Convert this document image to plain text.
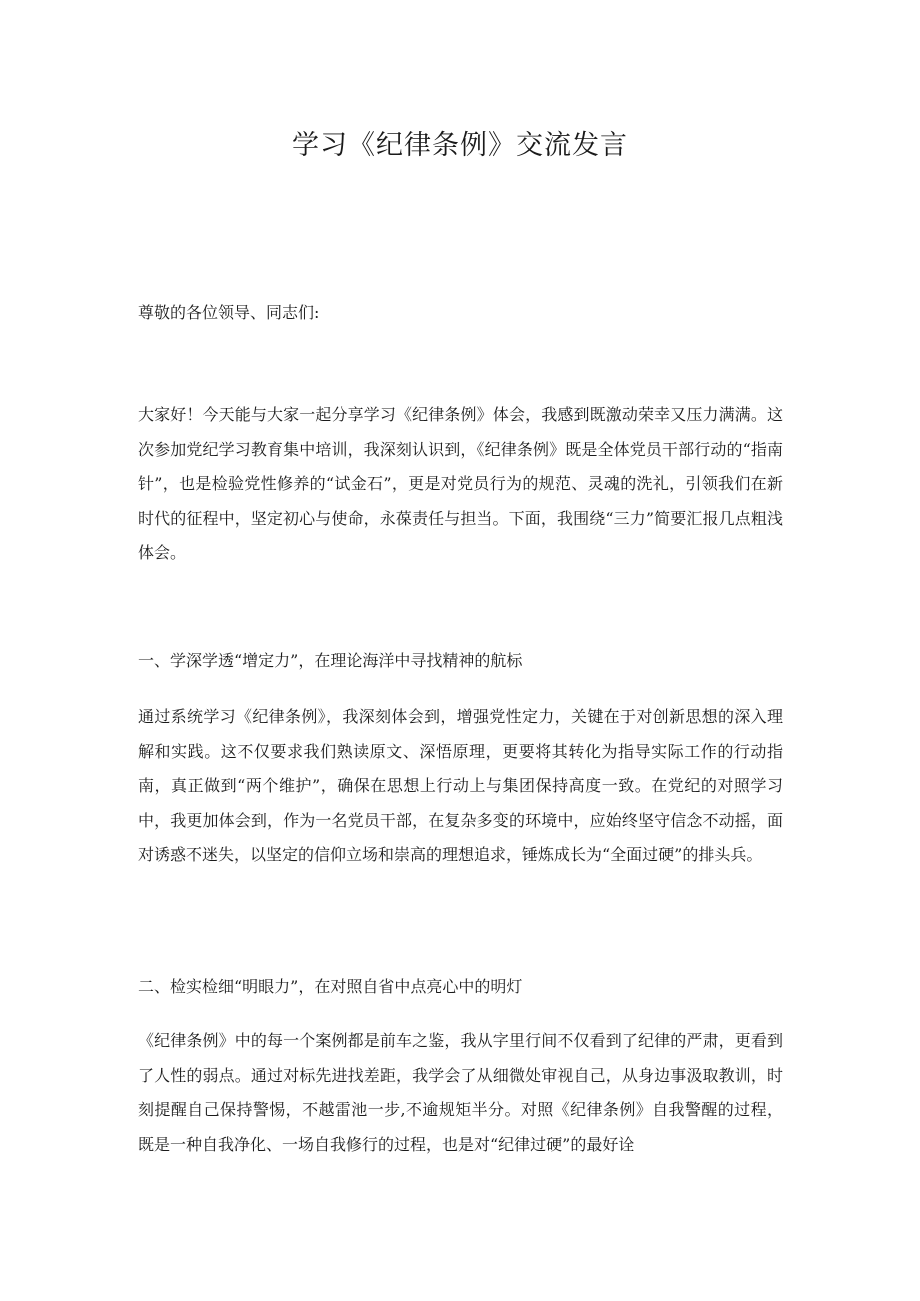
学习《纪律条例》交流发言

尊敬的各位领导、同志们:

大家好！今天能与大家一起分享学习《纪律条例》体会，我感到既激动荣幸又压力满满。这次参加党纪学习教育集中培训，我深刻认识到，《纪律条例》既是全体党员干部行动的“指南针”，也是检验党性修养的“试金石”，更是对党员行为的规范、灵魂的洗礼，引领我们在新时代的征程中，坚定初心与使命，永葆责任与担当。下面，我围绕“三力”简要汇报几点粗浅体会。

一、学深学透“增定力”，在理论海洋中寻找精神的航标

通过系统学习《纪律条例》，我深刻体会到，增强党性定力，关键在于对创新思想的深入理解和实践。这不仅要求我们熟读原文、深悟原理，更要将其转化为指导实际工作的行动指南，真正做到“两个维护”，确保在思想上行动上与集团保持高度一致。在党纪的对照学习中，我更加体会到，作为一名党员干部，在复杂多变的环境中，应始终坚守信念不动摇，面对诱惑不迷失，以坚定的信仰立场和崇高的理想追求，锤炼成长为“全面过硬”的排头兵。

二、检实检细“明眼力”，在对照自省中点亮心中的明灯

《纪律条例》中的每一个案例都是前车之鉴，我从字里行间不仅看到了纪律的严肃，更看到了人性的弱点。通过对标先进找差距，我学会了从细微处审视自己，从身边事汲取教训，时刻提醒自己保持警惕，不越雷池一步,不逾规矩半分。对照《纪律条例》自我警醒的过程，既是一种自我净化、一场自我修行的过程，也是对“纪律过硬”的最好诠
